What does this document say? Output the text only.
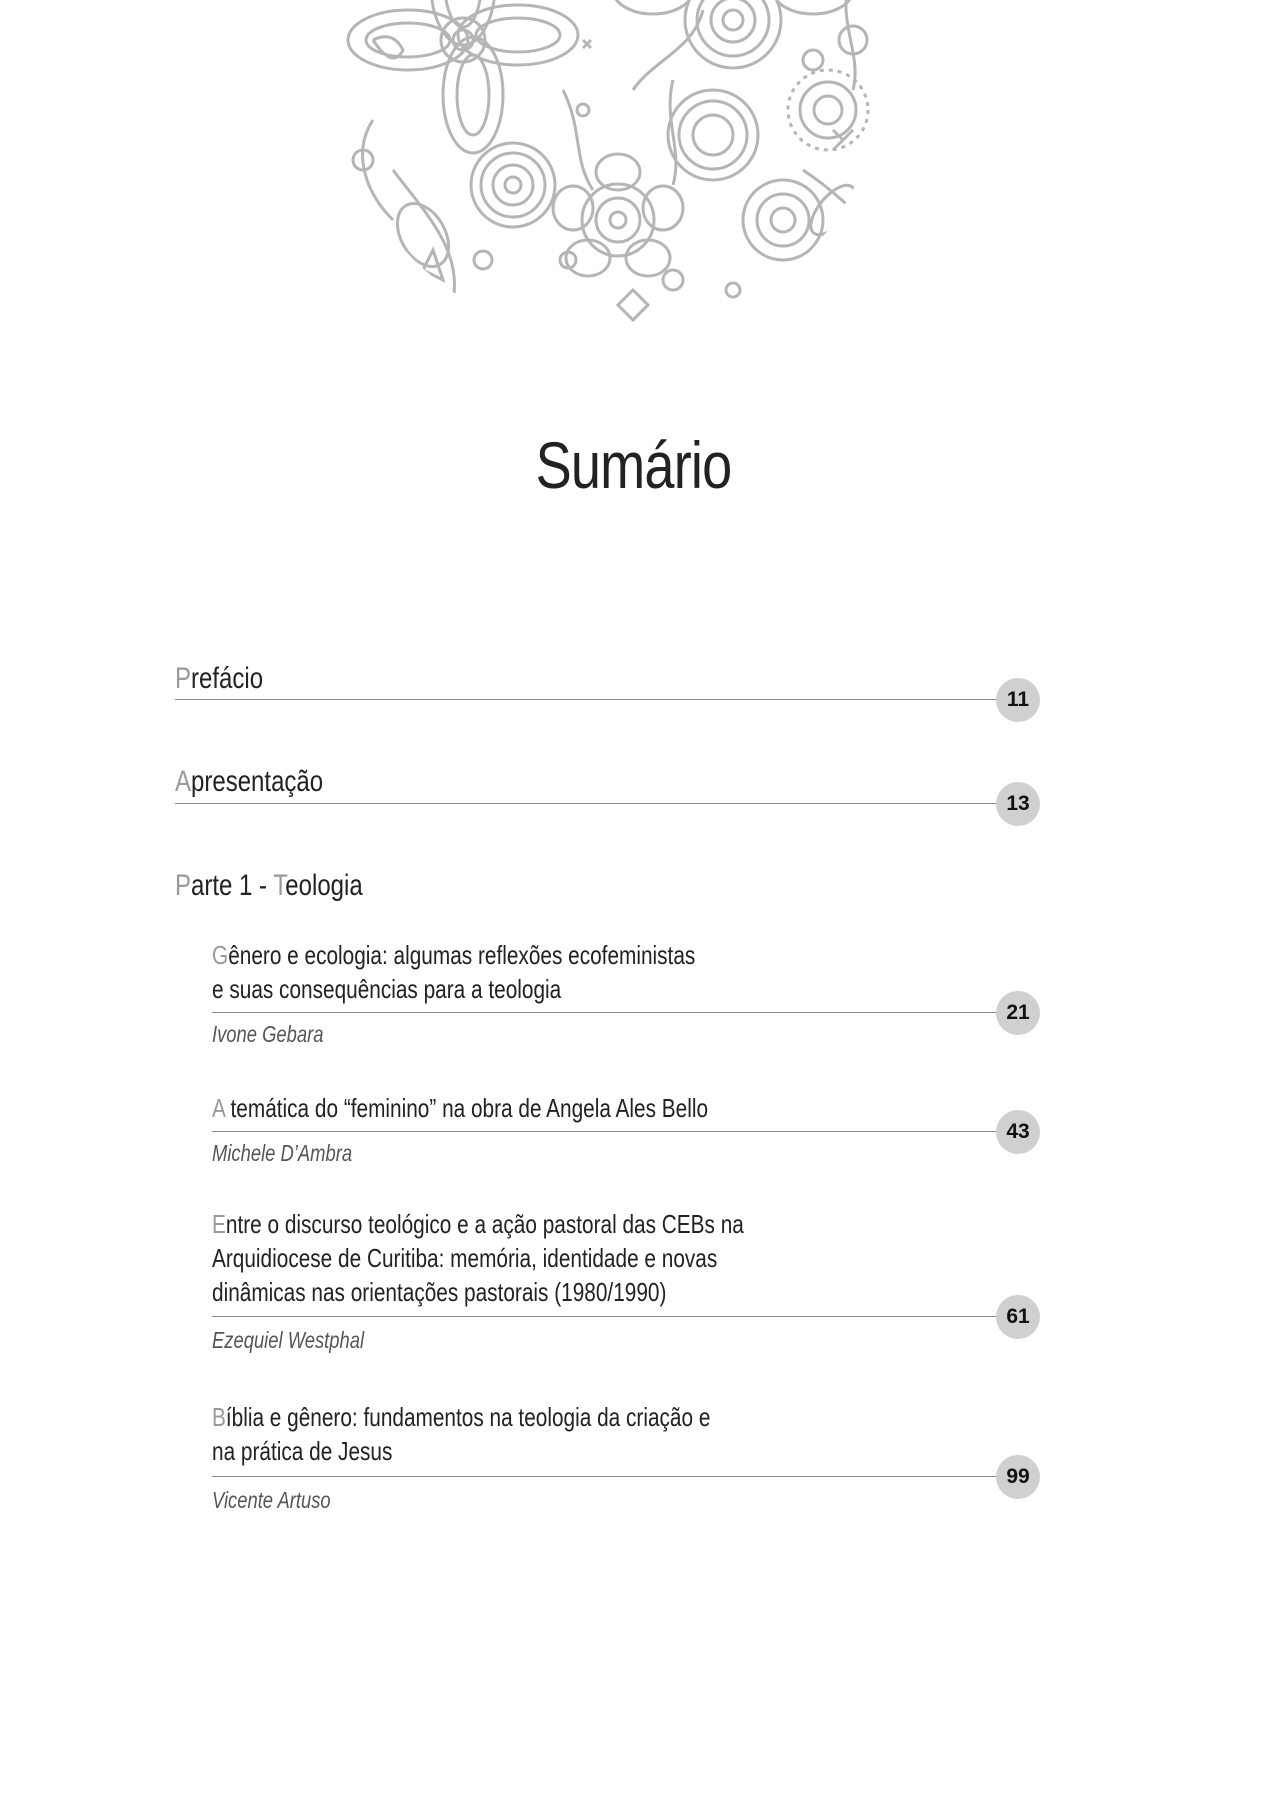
Sumário
Prefácio
11
Apresentação
13
Parte 1 - Teologia
Gênero e ecologia: algumas reflexões ecofeministas
e suas consequências para a teologia
21
Ivone Gebara
A temática do “feminino” na obra de Angela Ales Bello
43
Michele D’Ambra
Entre o discurso teológico e a ação pastoral das CEBs na
Arquidiocese de Curitiba: memória, identidade e novas
dinâmicas nas orientações pastorais (1980/1990)
61
Ezequiel Westphal
Bíblia e gênero: fundamentos na teologia da criação e
na prática de Jesus
99
Vicente Artuso
